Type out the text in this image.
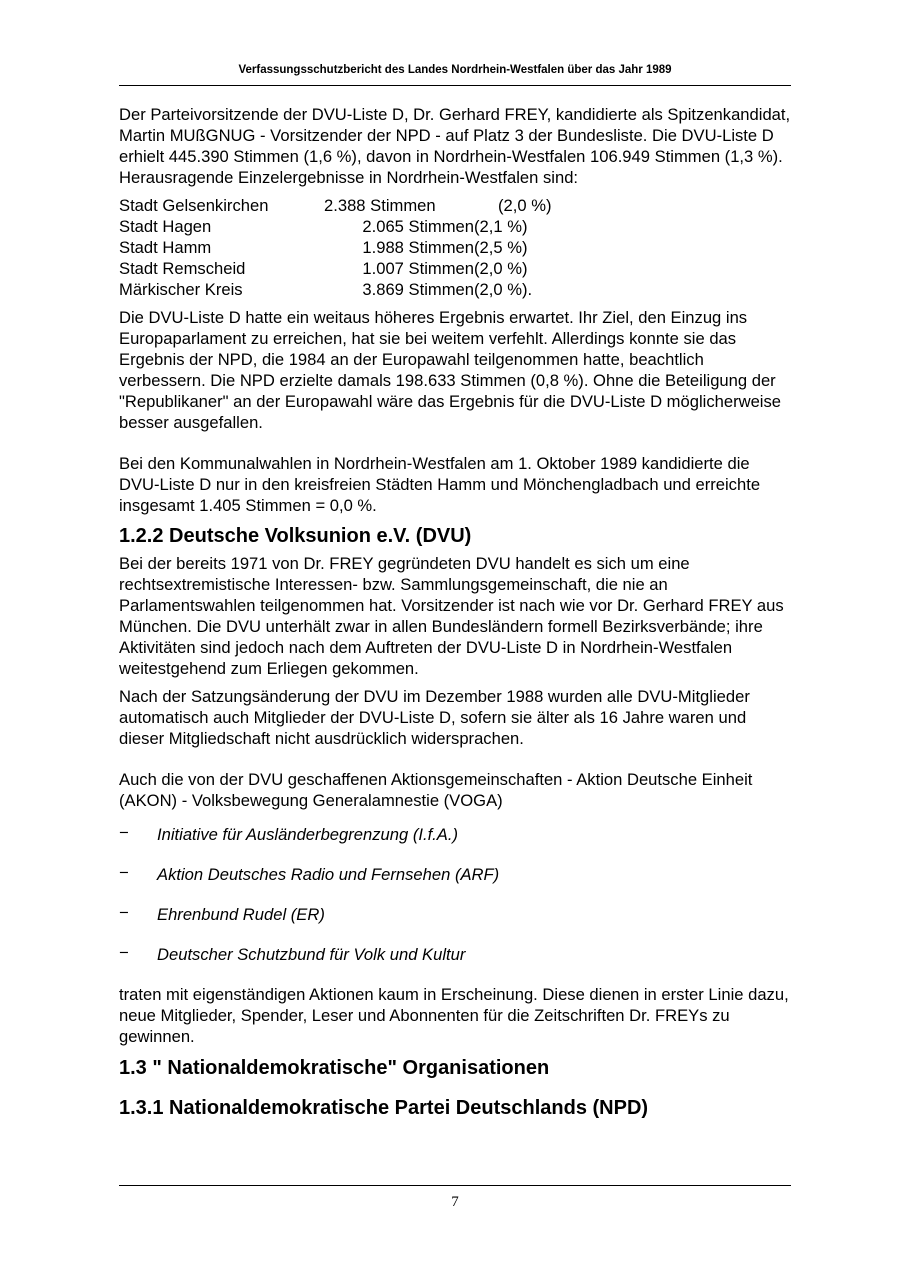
Verfassungsschutzbericht des Landes Nordrhein-Westfalen über das Jahr 1989

Der Parteivorsitzende der DVU-Liste D, Dr. Gerhard FREY, kandidierte als Spitzenkandidat, Martin MUßGNUG - Vorsitzender der NPD - auf Platz 3 der Bundesliste. Die DVU-Liste D erhielt 445.390 Stimmen (1,6 %), davon in Nordrhein-Westfalen 106.949 Stimmen (1,3 %). Herausragende Einzelergebnisse in Nordrhein-Westfalen sind:

Stadt Gelsenkirchen	2.388 Stimmen	(2,0 %)
Stadt Hagen	2.065 Stimmen	(2,1 %)
Stadt Hamm	1.988 Stimmen	(2,5 %)
Stadt Remscheid	1.007 Stimmen	(2,0 %)
Märkischer Kreis	3.869 Stimmen	(2,0 %).

Die DVU-Liste D hatte ein weitaus höheres Ergebnis erwartet. Ihr Ziel, den Einzug ins Europaparlament zu erreichen, hat sie bei weitem verfehlt. Allerdings konnte sie das Ergebnis der NPD, die 1984 an der Europawahl teilgenommen hatte, beachtlich verbessern. Die NPD erzielte damals 198.633 Stimmen (0,8 %). Ohne die Beteiligung der "Republikaner" an der Europawahl wäre das Ergebnis für die DVU-Liste D möglicherweise besser ausgefallen.

Bei den Kommunalwahlen in Nordrhein-Westfalen am 1. Oktober 1989 kandidierte die DVU-Liste D nur in den kreisfreien Städten Hamm und Mönchengladbach und erreichte insgesamt 1.405 Stimmen = 0,0 %.

1.2.2 Deutsche Volksunion e.V. (DVU)

Bei der bereits 1971 von Dr. FREY gegründeten DVU handelt es sich um eine rechtsextremistische Interessen- bzw. Sammlungsgemeinschaft, die nie an Parlamentswahlen teilgenommen hat. Vorsitzender ist nach wie vor Dr. Gerhard FREY aus München. Die DVU unterhält zwar in allen Bundesländern formell Bezirksverbände; ihre Aktivitäten sind jedoch nach dem Auftreten der DVU-Liste D in Nordrhein-Westfalen weitestgehend zum Erliegen gekommen.

Nach der Satzungsänderung der DVU im Dezember 1988 wurden alle DVU-Mitglieder automatisch auch Mitglieder der DVU-Liste D, sofern sie älter als 16 Jahre waren und dieser Mitgliedschaft nicht ausdrücklich widersprachen.

Auch die von der DVU geschaffenen Aktionsgemeinschaften - Aktion Deutsche Einheit (AKON) - Volksbewegung Generalamnestie (VOGA)

− Initiative für Ausländerbegrenzung (I.f.A.)
− Aktion Deutsches Radio und Fernsehen (ARF)
− Ehrenbund Rudel (ER)
− Deutscher Schutzbund für Volk und Kultur

traten mit eigenständigen Aktionen kaum in Erscheinung. Diese dienen in erster Linie dazu, neue Mitglieder, Spender, Leser und Abonnenten für die Zeitschriften Dr. FREYs zu gewinnen.

1.3 " Nationaldemokratische" Organisationen
1.3.1 Nationaldemokratische Partei Deutschlands (NPD)
7
